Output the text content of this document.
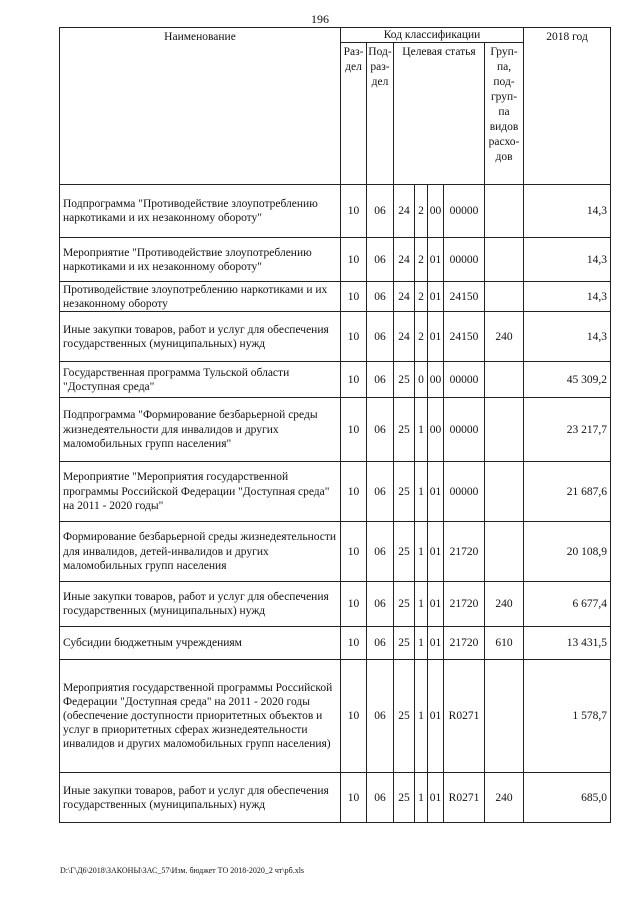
196
Наименование	Код классификации							2018 год
	Раз- дел	Под- раз- дел	Целевая статья				Груп- па, под- груп- па видов расхо- дов	
Подпрограмма "Противодействие злоупотреблению наркотиками и их незаконному обороту"	10	06	24	2	00	00000		14,3
Мероприятие "Противодействие злоупотреблению наркотиками и их незаконному обороту"	10	06	24	2	01	00000		14,3
Противодействие злоупотреблению наркотиками и их незаконному обороту	10	06	24	2	01	24150		14,3
Иные закупки товаров, работ и услуг для обеспечения государственных (муниципальных) нужд	10	06	24	2	01	24150	240	14,3
Государственная программа Тульской области "Доступная среда"	10	06	25	0	00	00000		45 309,2
Подпрограмма "Формирование безбарьерной среды жизнедеятельности для инвалидов и других маломобильных групп населения"	10	06	25	1	00	00000		23 217,7
Мероприятие "Мероприятия государственной программы Российской Федерации "Доступная среда" на 2011 - 2020 годы"	10	06	25	1	01	00000		21 687,6
Формирование безбарьерной среды жизнедеятельности для инвалидов, детей-инвалидов и других маломобильных групп населения	10	06	25	1	01	21720		20 108,9
Иные закупки товаров, работ и услуг для обеспечения государственных (муниципальных) нужд	10	06	25	1	01	21720	240	6 677,4
Субсидии бюджетным учреждениям	10	06	25	1	01	21720	610	13 431,5
Мероприятия государственной программы Российской Федерации "Доступная среда" на 2011 - 2020 годы (обеспечение доступности приоритетных объектов и услуг в приоритетных сферах жизнедеятельности инвалидов и других маломобильных групп населения)	10	06	25	1	01	R0271		1 578,7
Иные закупки товаров, работ и услуг для обеспечения государственных (муниципальных) нужд	10	06	25	1	01	R0271	240	685,0
D:\Г\Д6\2018\ЗАКОНЫ\ЗАС_57\Изм. бюджет ТО 2018-2020_2 чт\рб.xls
